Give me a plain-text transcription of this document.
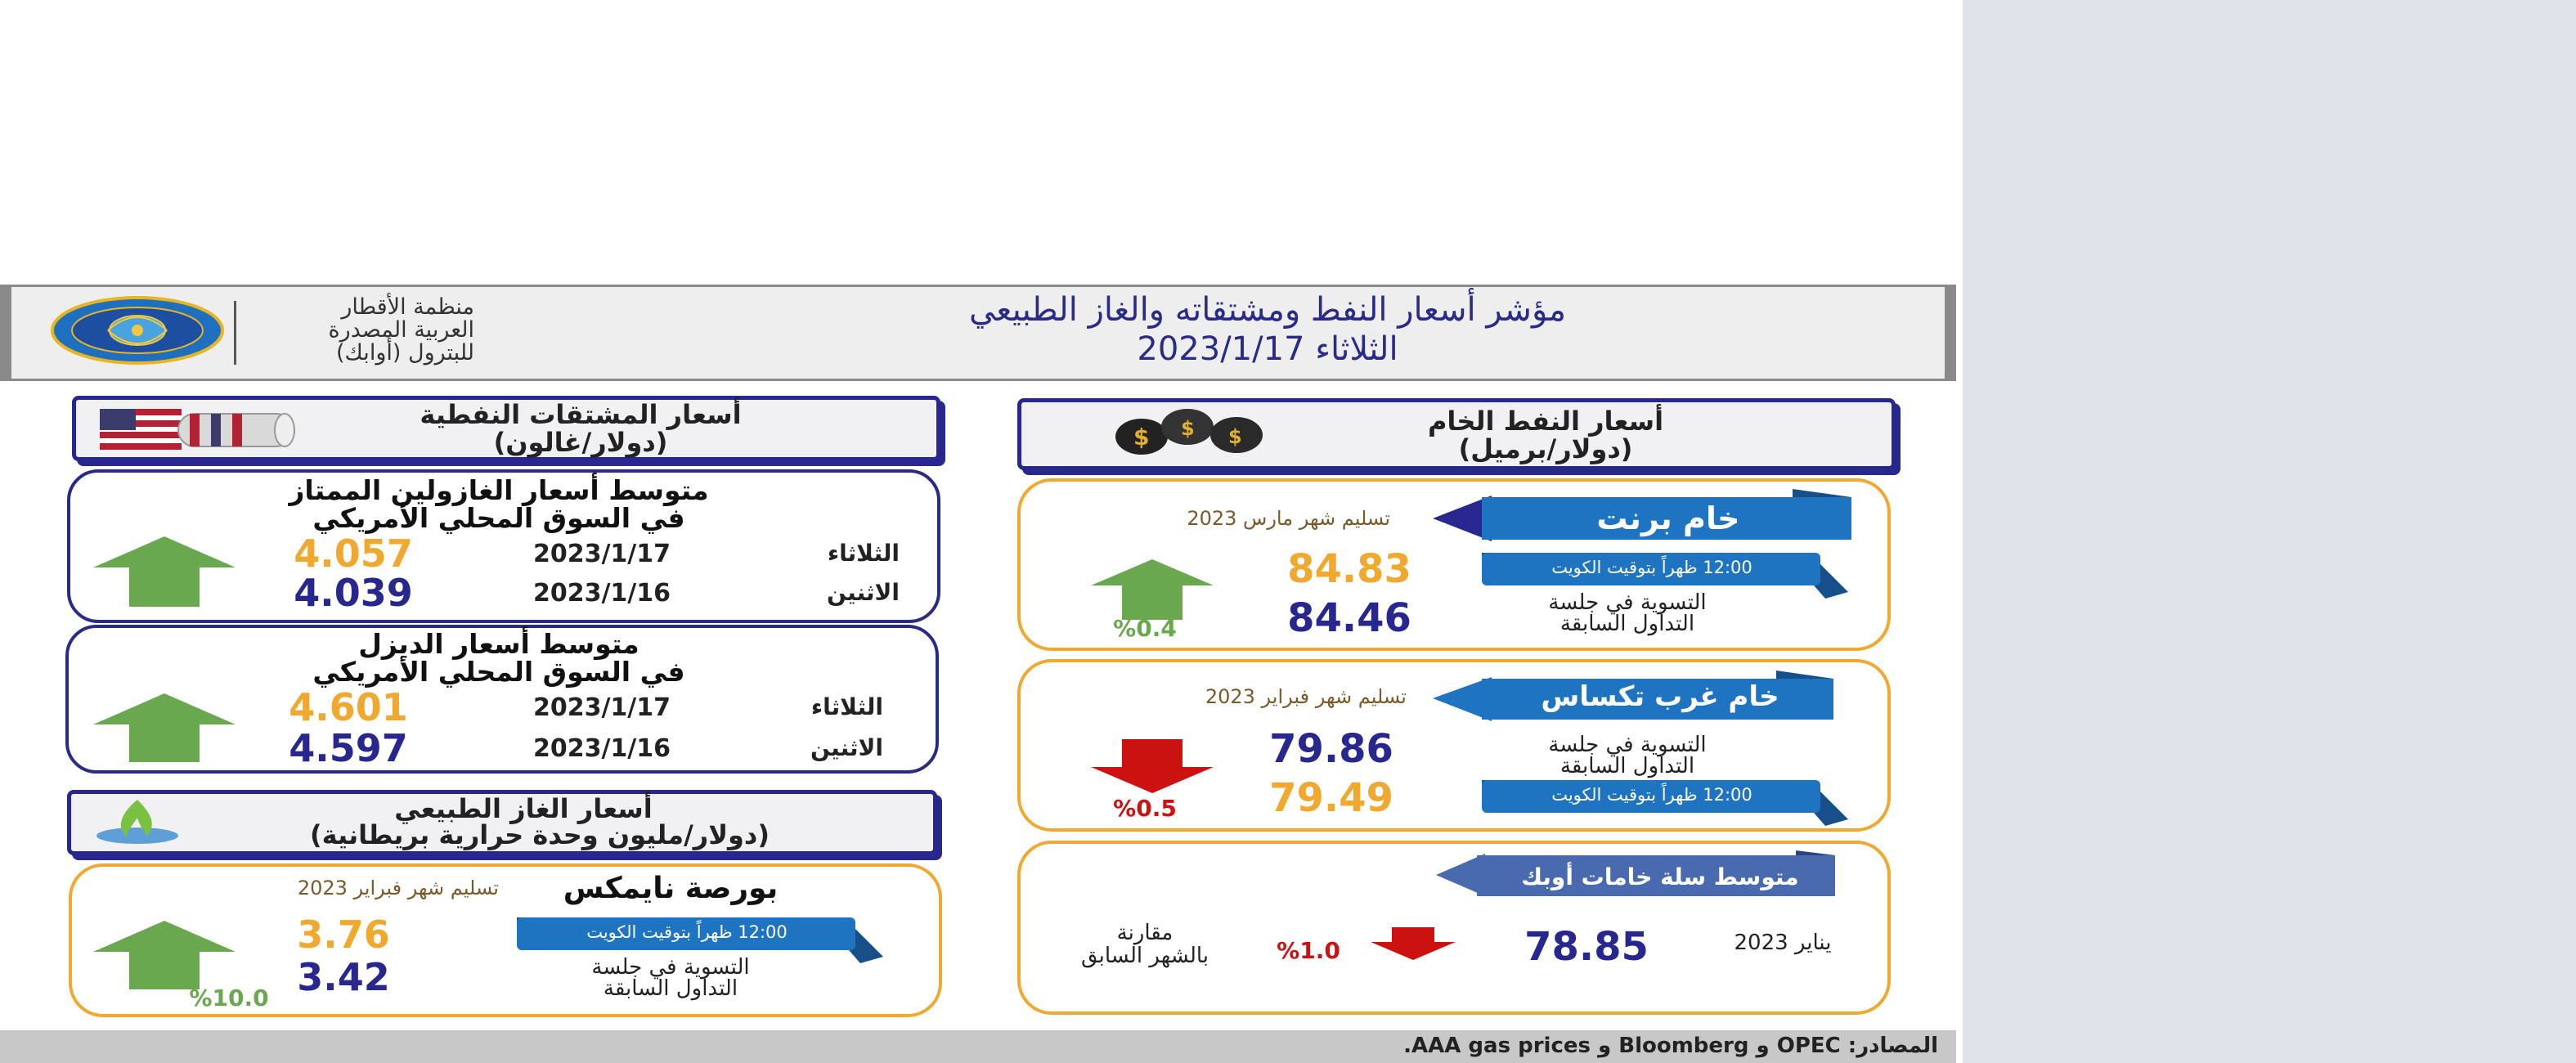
مؤشر أسعار النفط ومشتقاته والغاز الطبيعي
الثلاثاء 2023/1/17
منظمة الأقطار
العربية المصدرة
للبترول (أوابك)
أسعار النفط الخام
(دولار/برميل)
$ $ $
خام برنت
تسليم شهر مارس 2023
12:00 ظهراً بتوقيت الكويت
التسوية في جلسة
التداول السابقة
84.83
84.46
%0.4
خام غرب تكساس
تسليم شهر فبراير 2023
التسوية في جلسة
التداول السابقة
12:00 ظهراً بتوقيت الكويت
79.86
79.49
%0.5
متوسط سلة خامات أوبك
78.85	يناير 2023
%1.0
مقارنة
بالشهر السابق
أسعار المشتقات النفطية
(دولار/غالون)
متوسط أسعار الغازولين الممتاز
في السوق المحلي الأمريكي
الثلاثاء
2023/1/17
4.057
الاثنين
2023/1/16
4.039
متوسط أسعار الديزل
في السوق المحلي الأمريكي
الثلاثاء
2023/1/17
4.601
الاثنين
2023/1/16
4.597
أسعار الغاز الطبيعي
(دولار/مليون وحدة حرارية بريطانية)
بورصة نايمكس
تسليم شهر فبراير 2023
12:00 ظهراً بتوقيت الكويت
التسوية في جلسة
التداول السابقة
3.76
3.42
%10.0
المصادر: OPEC و Bloomberg و AAA gas prices.
